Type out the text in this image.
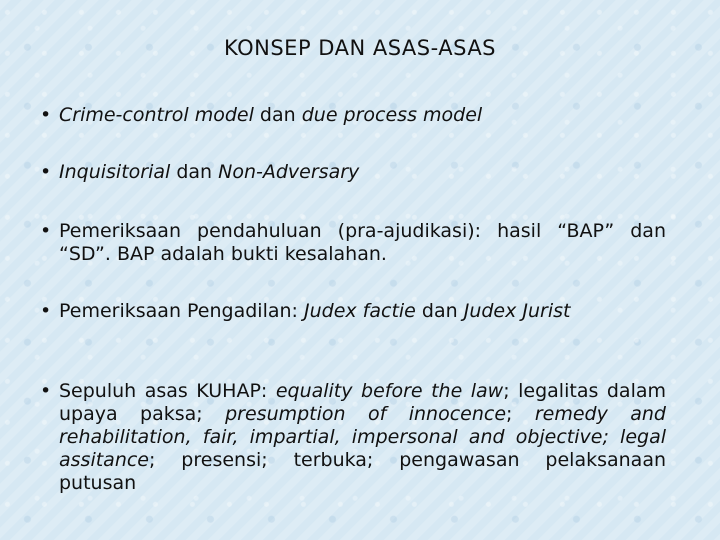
KONSEP DAN ASAS-ASAS
• Crime-control model dan due process model
• Inquisitorial dan Non-Adversary
• Pemeriksaan pendahuluan (pra-ajudikasi): hasil “BAP” dan “SD”. BAP adalah bukti kesalahan.
• Pemeriksaan Pengadilan: Judex factie dan Judex Jurist
• Sepuluh asas KUHAP: equality before the law; legalitas dalam upaya paksa; presumption of innocence; remedy and rehabilitation, fair, impartial, impersonal and objective; legal assitance; presensi; terbuka; pengawasan pelaksanaan putusan
